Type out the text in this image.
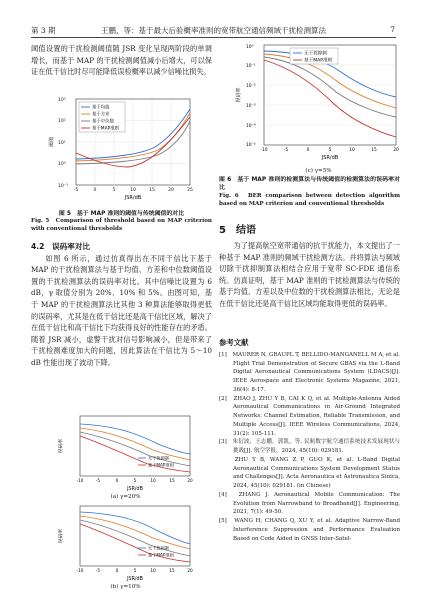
第 3 期	王鹏，等：基于最大后验概率准则的宽带航空通信频域干扰检测算法	7

阈值设置的干扰检测阈值随 JSR 变化呈现两阶段的单调增长，而基于 MAP 的干扰检测阈值减小后增大，可以保证在低干信比时尽可能降低误检概率以减少信噪比损失。

10³
10²
10¹
10⁰
10⁻¹
-5	0	5	10	15	20	25
JSR/dB
阈值
基于均值
基于方差
基于中位数
基于MAP准则

图 5　基于 MAP 准则的阈值与传统阈值的对比

Fig. 5　Comparison of threshold based on MAP criterion with conventional thresholds

4.2　误码率对比

如图 6 所示，通过仿真得出在不同干信比下基于 MAP 的干扰检测算法与基于均值、方差和中位数阈值设置的干扰检测算法的误码率对比。其中信噪比设置为 6 dB，γ 取值分别为 20%、10% 和 5%。由图可知，基于 MAP 的干扰检测算法比其他 3 种算法能够取得更低的误码率，尤其是在低干信比还是高干信比区域，解决了在低干信比和高干信比下均获得良好的性能存在的矛盾。随着 JSR 减小，虚警干扰对信号影响减小，但是带来了干扰检测难度加大的问题，因此算法在干信比为 5～10 dB 性能出现了波动下降。

无干扰抑制
基于MAP准则
-10	-5	0	5	10	15	20
JSR/dB
误码率
(a) γ=20%
无干扰抑制
基于MAP准则
-10	-5	0	5	10	15	20
JSR/dB
误码率
(b) γ=10%
无干扰抑制
基于MAP准则
10⁰
10⁻¹
10⁻²
10⁻³
10⁻⁴
10⁻⁵
-10	-5	0	5	10	15	20
JSR/dB
误码率
(c) γ=5%

图 6　基于 MAP 准则的检测算法与传统阈值的检测算法的误码率对比

Fig. 6　BER comparison between detection algorithm based on MAP criterion and conventional thresholds

5　结语

为了提高航空宽带通信的抗干扰能力，本文提出了一种基于 MAP 准则的频域干扰检测方法。并将算法与频域切除干扰抑制算法相结合应用于宽带 SC-FDE 通信系统。仿真证明，基于 MAP 准则的干扰检测算法与传统的基于均值、方差以及中位数的干扰检测算法相比，无论是在低干信比还是高干信比区域均能取得更低的误码率。

参考文献

[1]　MAURER N, GRAUPL T, BELLIDO-MANGANELL M A, et al. Flight Trial Demonstration of Secure GBAS via the L-Band Digital Aeronautical Communications System (LDACS)[J]. IEEE Aerospace and Electronic Systems Magazine, 2021, 36(4): 8-17.

[2]　ZHAO J, ZHU Y B, CAI K Q, et al. Multiple-Antenna Aided Aeronautical Communications in Air-Ground Integrated Networks: Channel Estimation, Reliable Transmission, and Multiple Access[J]. IEEE Wireless Communications, 2024, 31(2): 105-111.

[3]　朱衍波，王志鹏，郭凯，等. 民航数字航空通信系统技术发展现状与挑战[J]. 航空学报，2024, 45(10): 029181.

　　ZHU Y B, WANG Z P, GUO K, et al. L-Band Digital Aeronautical Communications System Development Status and Challenges[J]. Acta Aeronautica et Astronautica Sinica, 2024, 45(10): 029181. (in Chinese)

[4]　ZHANG J. Aeronautical Mobile Communication: The Evolution from Narrowband to Broadband[J]. Engineering, 2021, 7(1): 49-50.

[5]　WANG H, CHANG Q, XU Y, et al. Adaptive Narrow-Band Interference Suppression and Performance Evaluation Based on Code Aided in GNSS Inter-Satel-
